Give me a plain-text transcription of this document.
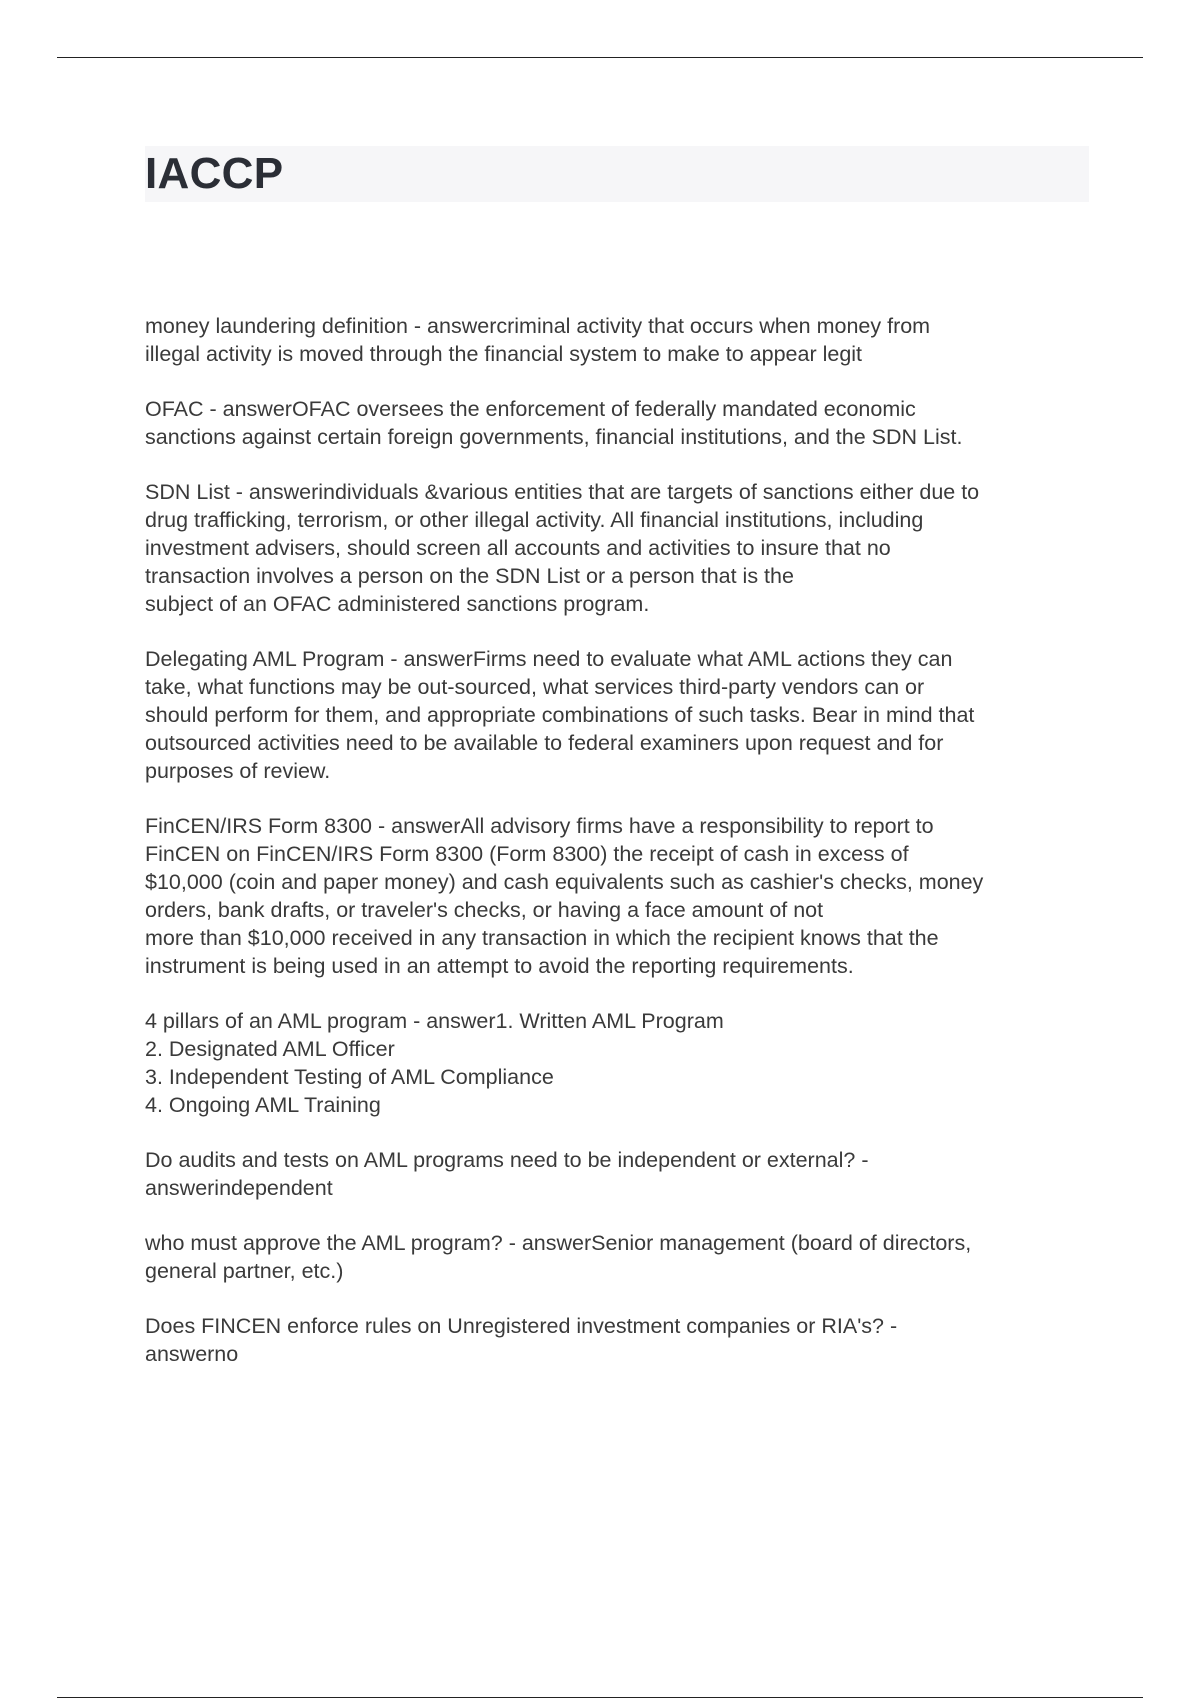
IACCP
money laundering definition - answercriminal activity that occurs when money from
illegal activity is moved through the financial system to make to appear legit
OFAC - answerOFAC oversees the enforcement of federally mandated economic
sanctions against certain foreign governments, financial institutions, and the SDN List.
SDN List - answerindividuals &various entities that are targets of sanctions either due to
drug trafficking, terrorism, or other illegal activity. All financial institutions, including
investment advisers, should screen all accounts and activities to insure that no
transaction involves a person on the SDN List or a person that is the
subject of an OFAC administered sanctions program.
Delegating AML Program - answerFirms need to evaluate what AML actions they can
take, what functions may be out-sourced, what services third-party vendors can or
should perform for them, and appropriate combinations of such tasks. Bear in mind that
outsourced activities need to be available to federal examiners upon request and for
purposes of review.
FinCEN/IRS Form 8300 - answerAll advisory firms have a responsibility to report to
FinCEN on FinCEN/IRS Form 8300 (Form 8300) the receipt of cash in excess of
$10,000 (coin and paper money) and cash equivalents such as cashier's checks, money
orders, bank drafts, or traveler's checks, or having a face amount of not
more than $10,000 received in any transaction in which the recipient knows that the
instrument is being used in an attempt to avoid the reporting requirements.
4 pillars of an AML program - answer1. Written AML Program
2. Designated AML Officer
3. Independent Testing of AML Compliance
4. Ongoing AML Training
Do audits and tests on AML programs need to be independent or external? -
answerindependent
who must approve the AML program? - answerSenior management (board of directors,
general partner, etc.)
Does FINCEN enforce rules on Unregistered investment companies or RIA's? -
answerno
